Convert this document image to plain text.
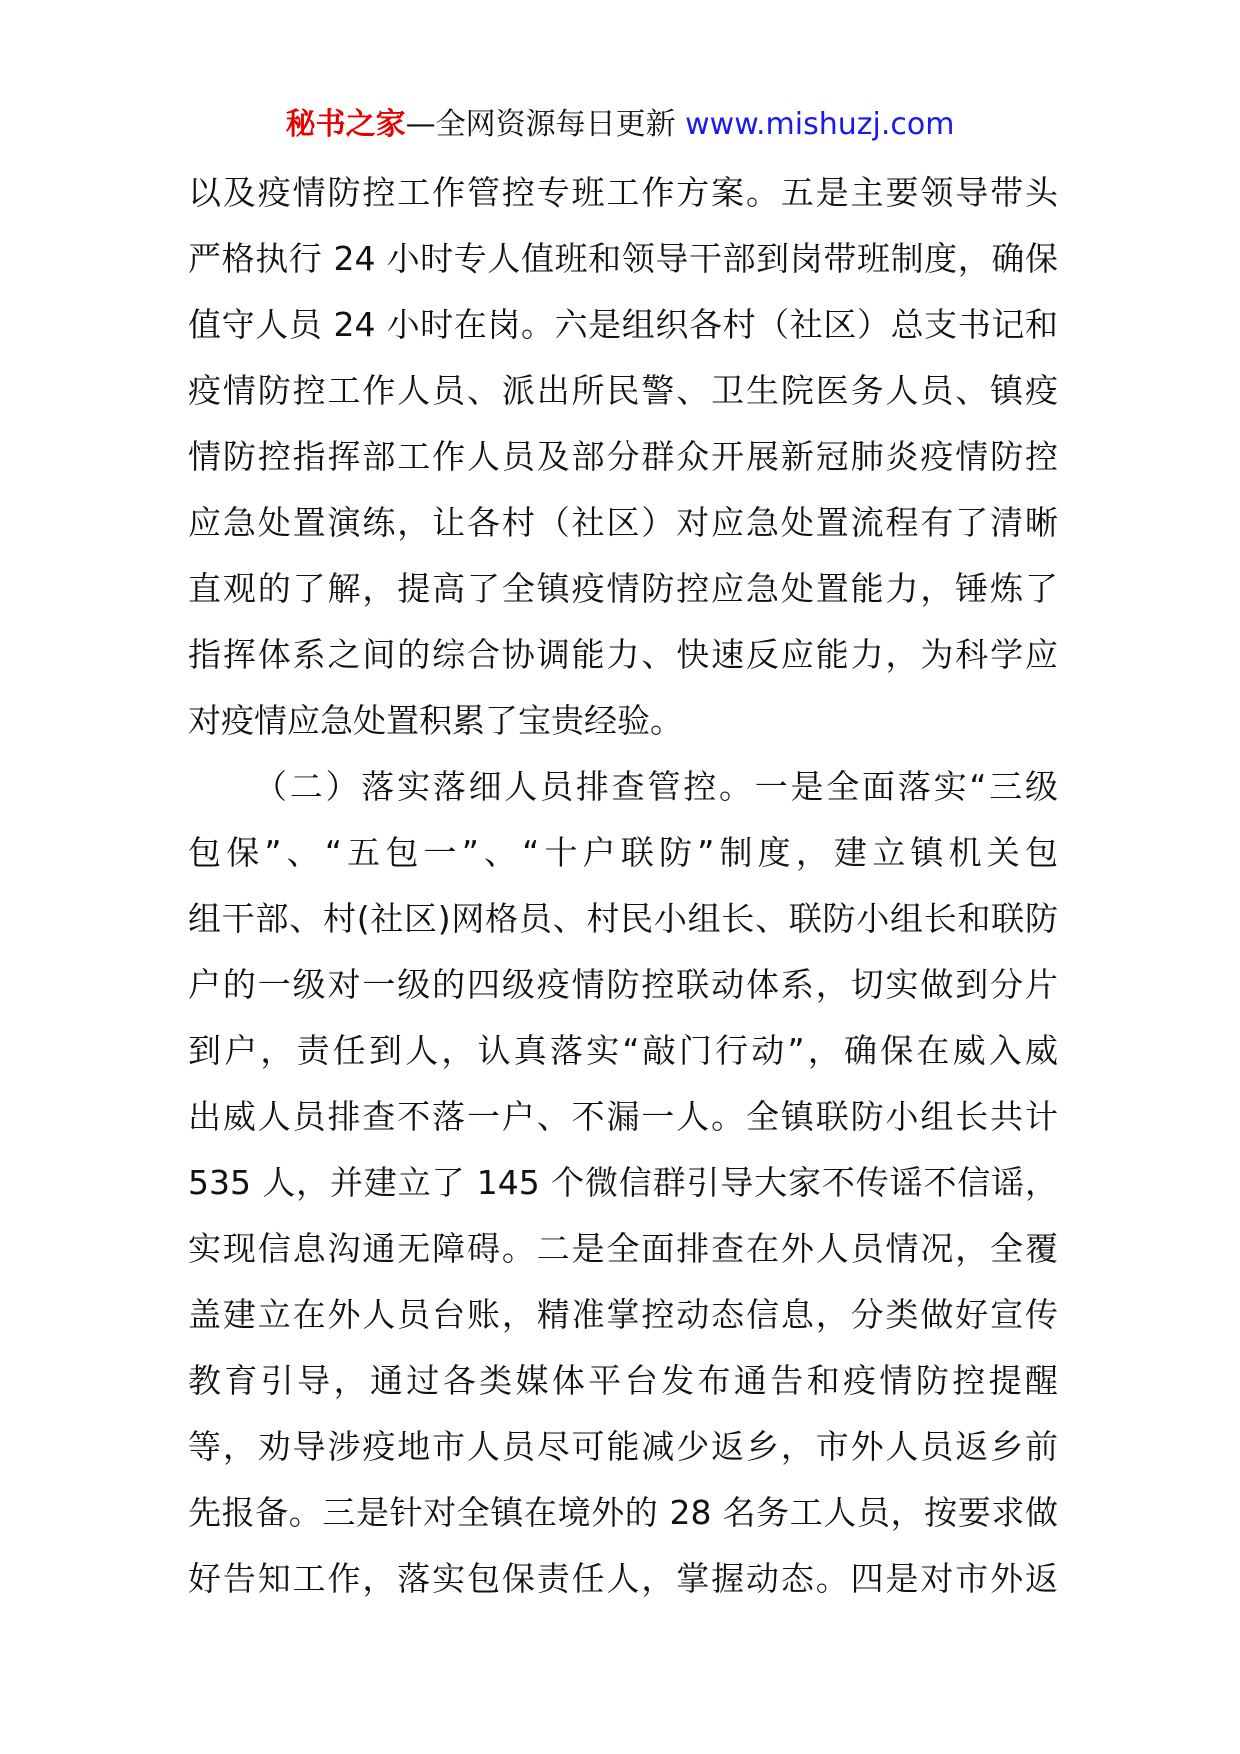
秘书之家—全网资源每日更新 www.mishuzj.com
以及疫情防控工作管控专班工作方案。五是主要领导带头
严格执行 24 小时专人值班和领导干部到岗带班制度，确保
值守人员 24 小时在岗。六是组织各村（社区）总支书记和
疫情防控工作人员、派出所民警、卫生院医务人员、镇疫
情防控指挥部工作人员及部分群众开展新冠肺炎疫情防控
应急处置演练，让各村（社区）对应急处置流程有了清晰
直观的了解，提高了全镇疫情防控应急处置能力，锤炼了
指挥体系之间的综合协调能力、快速反应能力，为科学应
对疫情应急处置积累了宝贵经验。
（二）落实落细人员排查管控。一是全面落实“三级
包保”、“五包一”、“十户联防”制度，建立镇机关包
组干部、村(社区)网格员、村民小组长、联防小组长和联防
户的一级对一级的四级疫情防控联动体系，切实做到分片
到户，责任到人，认真落实“敲门行动”，确保在威入威
出威人员排查不落一户、不漏一人。全镇联防小组长共计
535 人，并建立了 145 个微信群引导大家不传谣不信谣，
实现信息沟通无障碍。二是全面排查在外人员情况，全覆
盖建立在外人员台账，精准掌控动态信息，分类做好宣传
教育引导，通过各类媒体平台发布通告和疫情防控提醒
等，劝导涉疫地市人员尽可能减少返乡，市外人员返乡前
先报备。三是针对全镇在境外的 28 名务工人员，按要求做
好告知工作，落实包保责任人，掌握动态。四是对市外返
